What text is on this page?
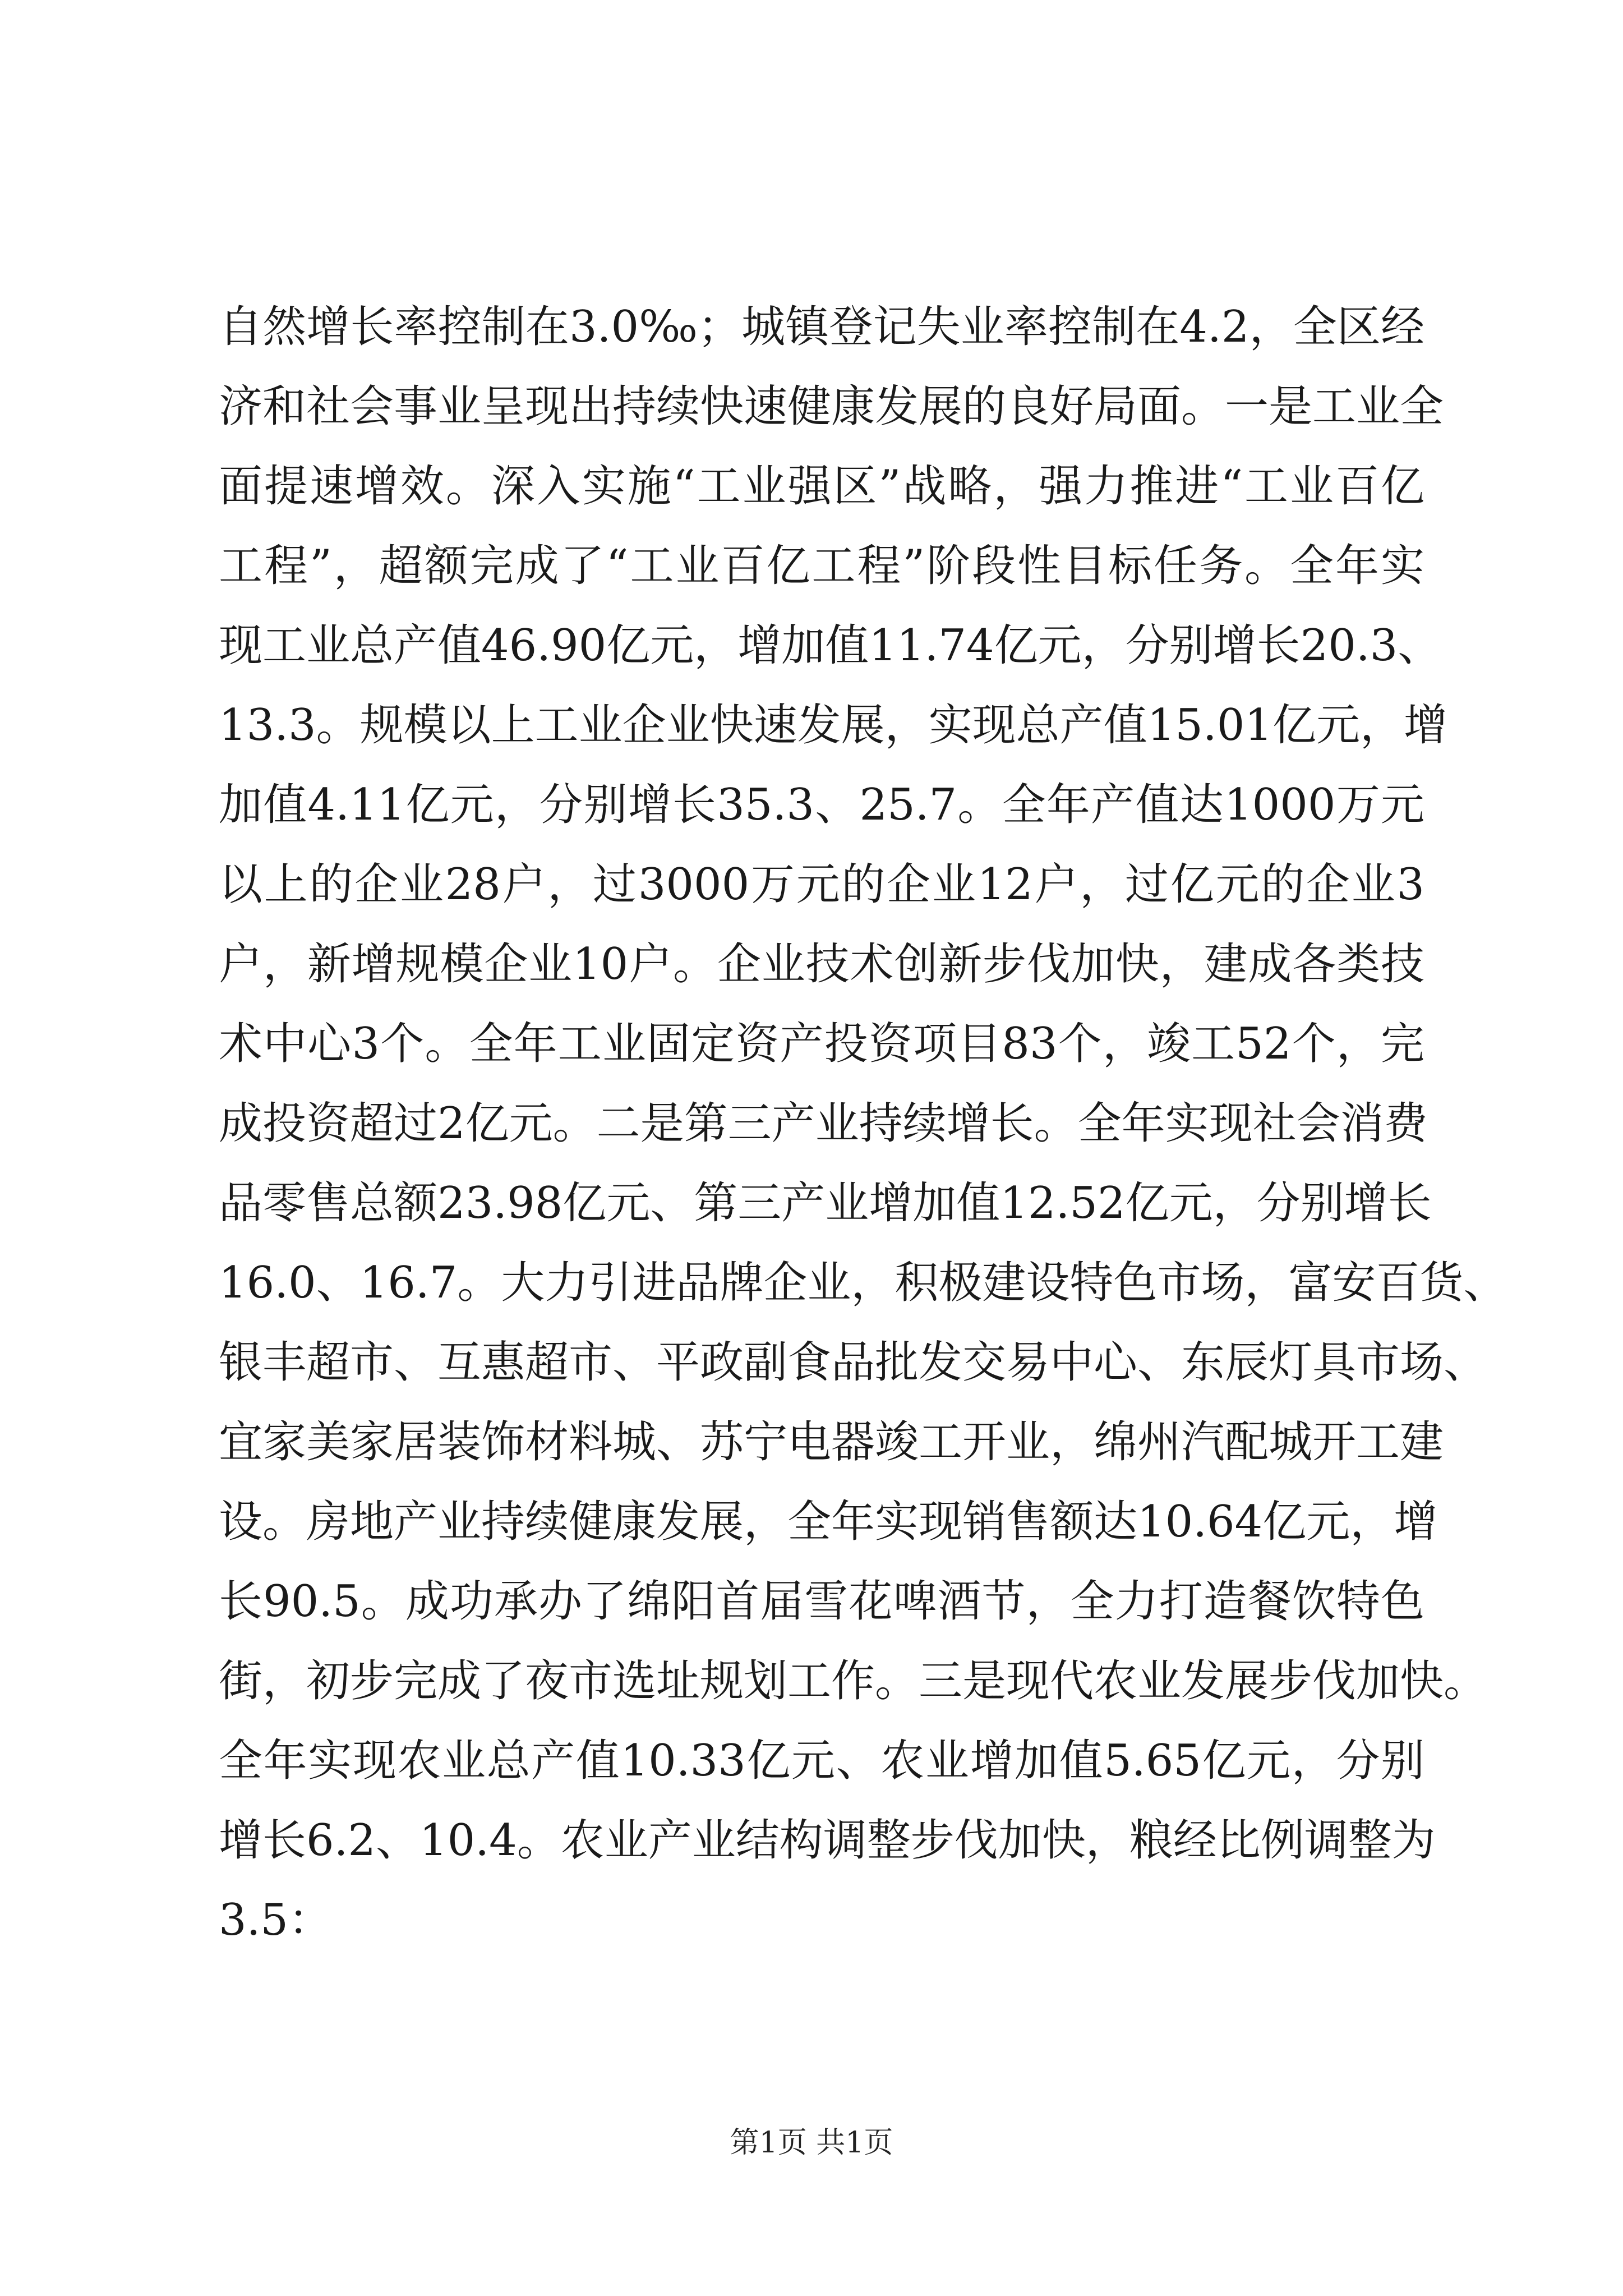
自然增长率控制在3.0‰；城镇登记失业率控制在4.2，全区经
济和社会事业呈现出持续快速健康发展的良好局面。一是工业全
面提速增效。深入实施“工业强区”战略，强力推进“工业百亿
工程”，超额完成了“工业百亿工程”阶段性目标任务。全年实
现工业总产值46.90亿元，增加值11.74亿元，分别增长20.3、
13.3。规模以上工业企业快速发展，实现总产值15.01亿元，增
加值4.11亿元，分别增长35.3、25.7。全年产值达1000万元
以上的企业28户，过3000万元的企业12户，过亿元的企业3
户，新增规模企业10户。企业技术创新步伐加快，建成各类技
术中心3个。全年工业固定资产投资项目83个，竣工52个，完
成投资超过2亿元。二是第三产业持续增长。全年实现社会消费
品零售总额23.98亿元、第三产业增加值12.52亿元，分别增长
16.0、16.7。大力引进品牌企业，积极建设特色市场，富安百货、
银丰超市、互惠超市、平政副食品批发交易中心、东辰灯具市场、
宜家美家居装饰材料城、苏宁电器竣工开业，绵州汽配城开工建
设。房地产业持续健康发展，全年实现销售额达10.64亿元，增
长90.5。成功承办了绵阳首届雪花啤酒节，全力打造餐饮特色
街，初步完成了夜市选址规划工作。三是现代农业发展步伐加快。
全年实现农业总产值10.33亿元、农业增加值5.65亿元，分别
增长6.2、10.4。农业产业结构调整步伐加快，粮经比例调整为
3.5：
第1页 共1页
